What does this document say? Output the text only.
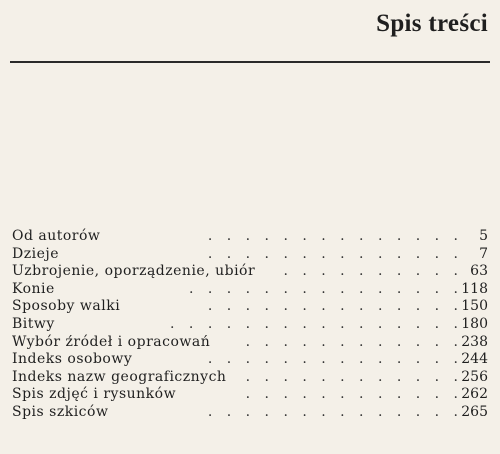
Spis treści
Od autorów	. . . . . . . . . . . . . . 5
Dzieje	. . . . . . . . . . . . . . 7
Uzbrojenie, oporządzenie, ubiór . . . . . . . . . . 63
Konie	. . . . . . . . . . . . . . . 118
Sposoby walki	. . . . . . . . . . . . . . 150
Bitwy	. . . . . . . . . . . . . . . . 180
Wybór źródeł i opracowań	. . . . . . . . . . . . 238
Indeks osobowy	. . . . . . . . . . . . . . 244
Indeks nazw geograficznych . . . . . . . . . . . . 256
Spis zdjęć i rysunków	. . . . . . . . . . . . 262
Spis szkiców	. . . . . . . . . . . . . . 265
